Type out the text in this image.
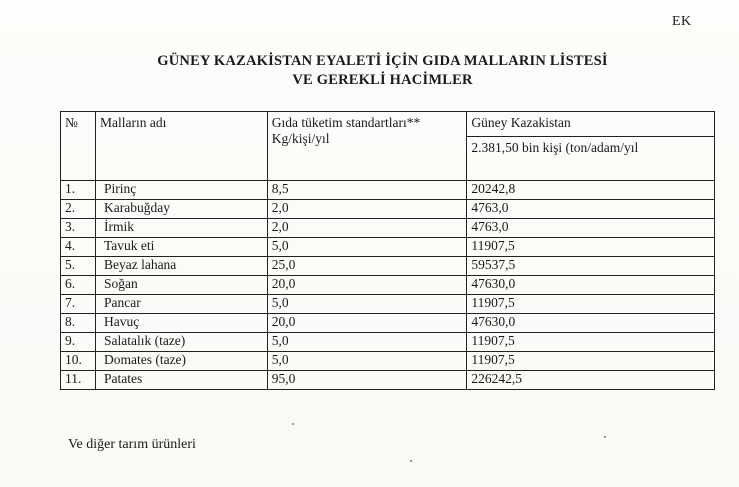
EK
GÜNEY KAZAKİSTAN EYALETİ İÇİN GIDA MALLARIN LİSTESİ
VE GEREKLİ HACİMLER
№	Malların adı	Gıda tüketim standartları** Kg/kişi/yıl	Güney Kazakistan
			2.381,50 bin kişi (ton/adam/yıl
1.	Pirinç	8,5	20242,8
2.	Karabuğday	2,0	4763,0
3.	İrmik	2,0	4763,0
4.	Tavuk eti	5,0	11907,5
5.	Beyaz lahana	25,0	59537,5
6.	Soğan	20,0	47630,0
7.	Pancar	5,0	11907,5
8.	Havuç	20,0	47630,0
9.	Salatalık (taze)	5,0	11907,5
10.	Domates (taze)	5,0	11907,5
11.	Patates	95,0	226242,5
Ve diğer tarım ürünleri
